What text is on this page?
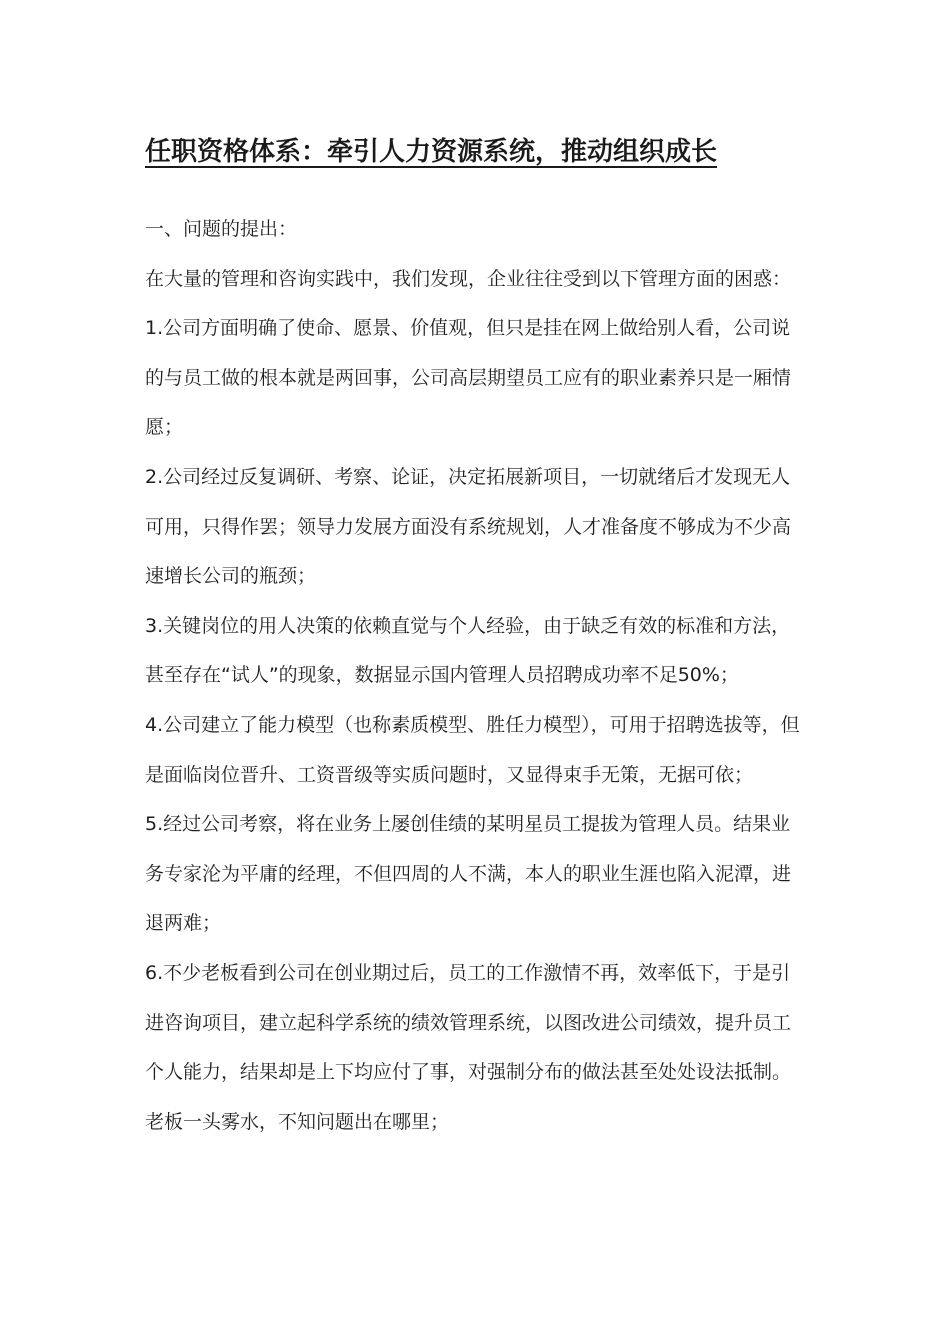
任职资格体系：牵引人力资源系统，推动组织成长

一、问题的提出：

在大量的管理和咨询实践中，我们发现，企业往往受到以下管理方面的困惑：

1.公司方面明确了使命、愿景、价值观，但只是挂在网上做给别人看，公司说的与员工做的根本就是两回事，公司高层期望员工应有的职业素养只是一厢情愿；

2.公司经过反复调研、考察、论证，决定拓展新项目，一切就绪后才发现无人可用，只得作罢；领导力发展方面没有系统规划，人才准备度不够成为不少高速增长公司的瓶颈；

3.关键岗位的用人决策的依赖直觉与个人经验，由于缺乏有效的标准和方法，甚至存在“试人”的现象，数据显示国内管理人员招聘成功率不足50%；

4.公司建立了能力模型（也称素质模型、胜任力模型），可用于招聘选拔等，但是面临岗位晋升、工资晋级等实质问题时，又显得束手无策，无据可依；

5.经过公司考察，将在业务上屡创佳绩的某明星员工提拔为管理人员。结果业务专家沦为平庸的经理，不但四周的人不满，本人的职业生涯也陷入泥潭，进退两难；

6.不少老板看到公司在创业期过后，员工的工作激情不再，效率低下，于是引进咨询项目，建立起科学系统的绩效管理系统，以图改进公司绩效，提升员工个人能力，结果却是上下均应付了事，对强制分布的做法甚至处处设法抵制。老板一头雾水，不知问题出在哪里；
